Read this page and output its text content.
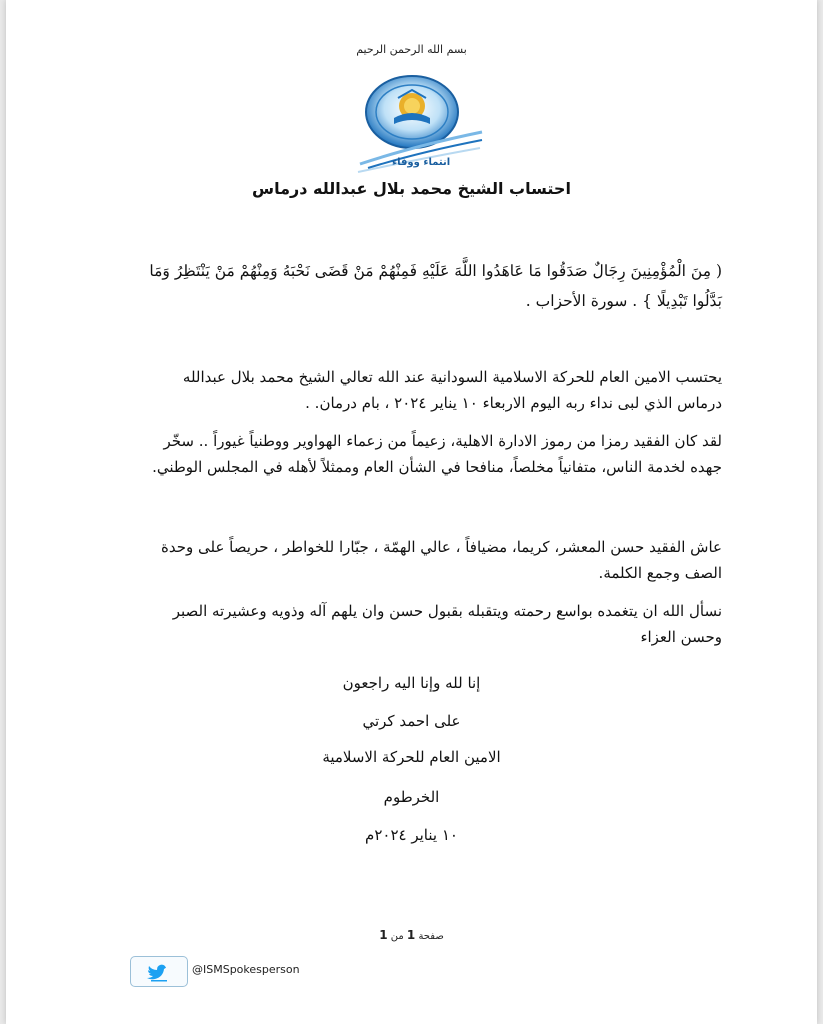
بسم الله الرحمن الرحيم
انتماء ووفاء
احتساب الشيخ محمد بلال عبدالله درماس
( مِنَ الْمُؤْمِنِينَ رِجَالٌ صَدَقُوا مَا عَاهَدُوا اللَّهَ عَلَيْهِ فَمِنْهُمْ مَنْ قَضَى نَحْبَهُ وَمِنْهُمْ مَنْ يَنْتَظِرُ وَمَا
بَدَّلُوا تَبْدِيلًا } . سورة الأحزاب .
يحتسب الامين العام للحركة الاسلامية السودانية عند الله تعالي الشيخ محمد بلال عبدالله
درماس الذي لبى نداء ربه اليوم الاربعاء ١٠ يناير ٢٠٢٤ ، بام درمان. .
لقد كان الفقيد رمزا من رموز الادارة الاهلية، زعيماً من زعماء الهواوير ووطنياً غيوراً .. سخّر
جهده لخدمة الناس، متفانياً مخلصاً، منافحا في الشأن العام وممثلاً لأهله في المجلس الوطني.
عاش الفقيد حسن المعشر، كريما، مضيافاً ، عالي الهمّة ، جبّارا للخواطر ، حريصاً على وحدة
الصف وجمع الكلمة.
نسأل الله ان يتغمده بواسع رحمته ويتقبله بقبول حسن وان يلهم آله وذويه وعشيرته الصبر
وحسن العزاء
إنا لله وإنا اليه راجعون
على احمد كرتي
الامين العام للحركة الاسلامية
الخرطوم
١٠ يناير ٢٠٢٤م
صفحة 1 من 1
@ISMSpokesperson
